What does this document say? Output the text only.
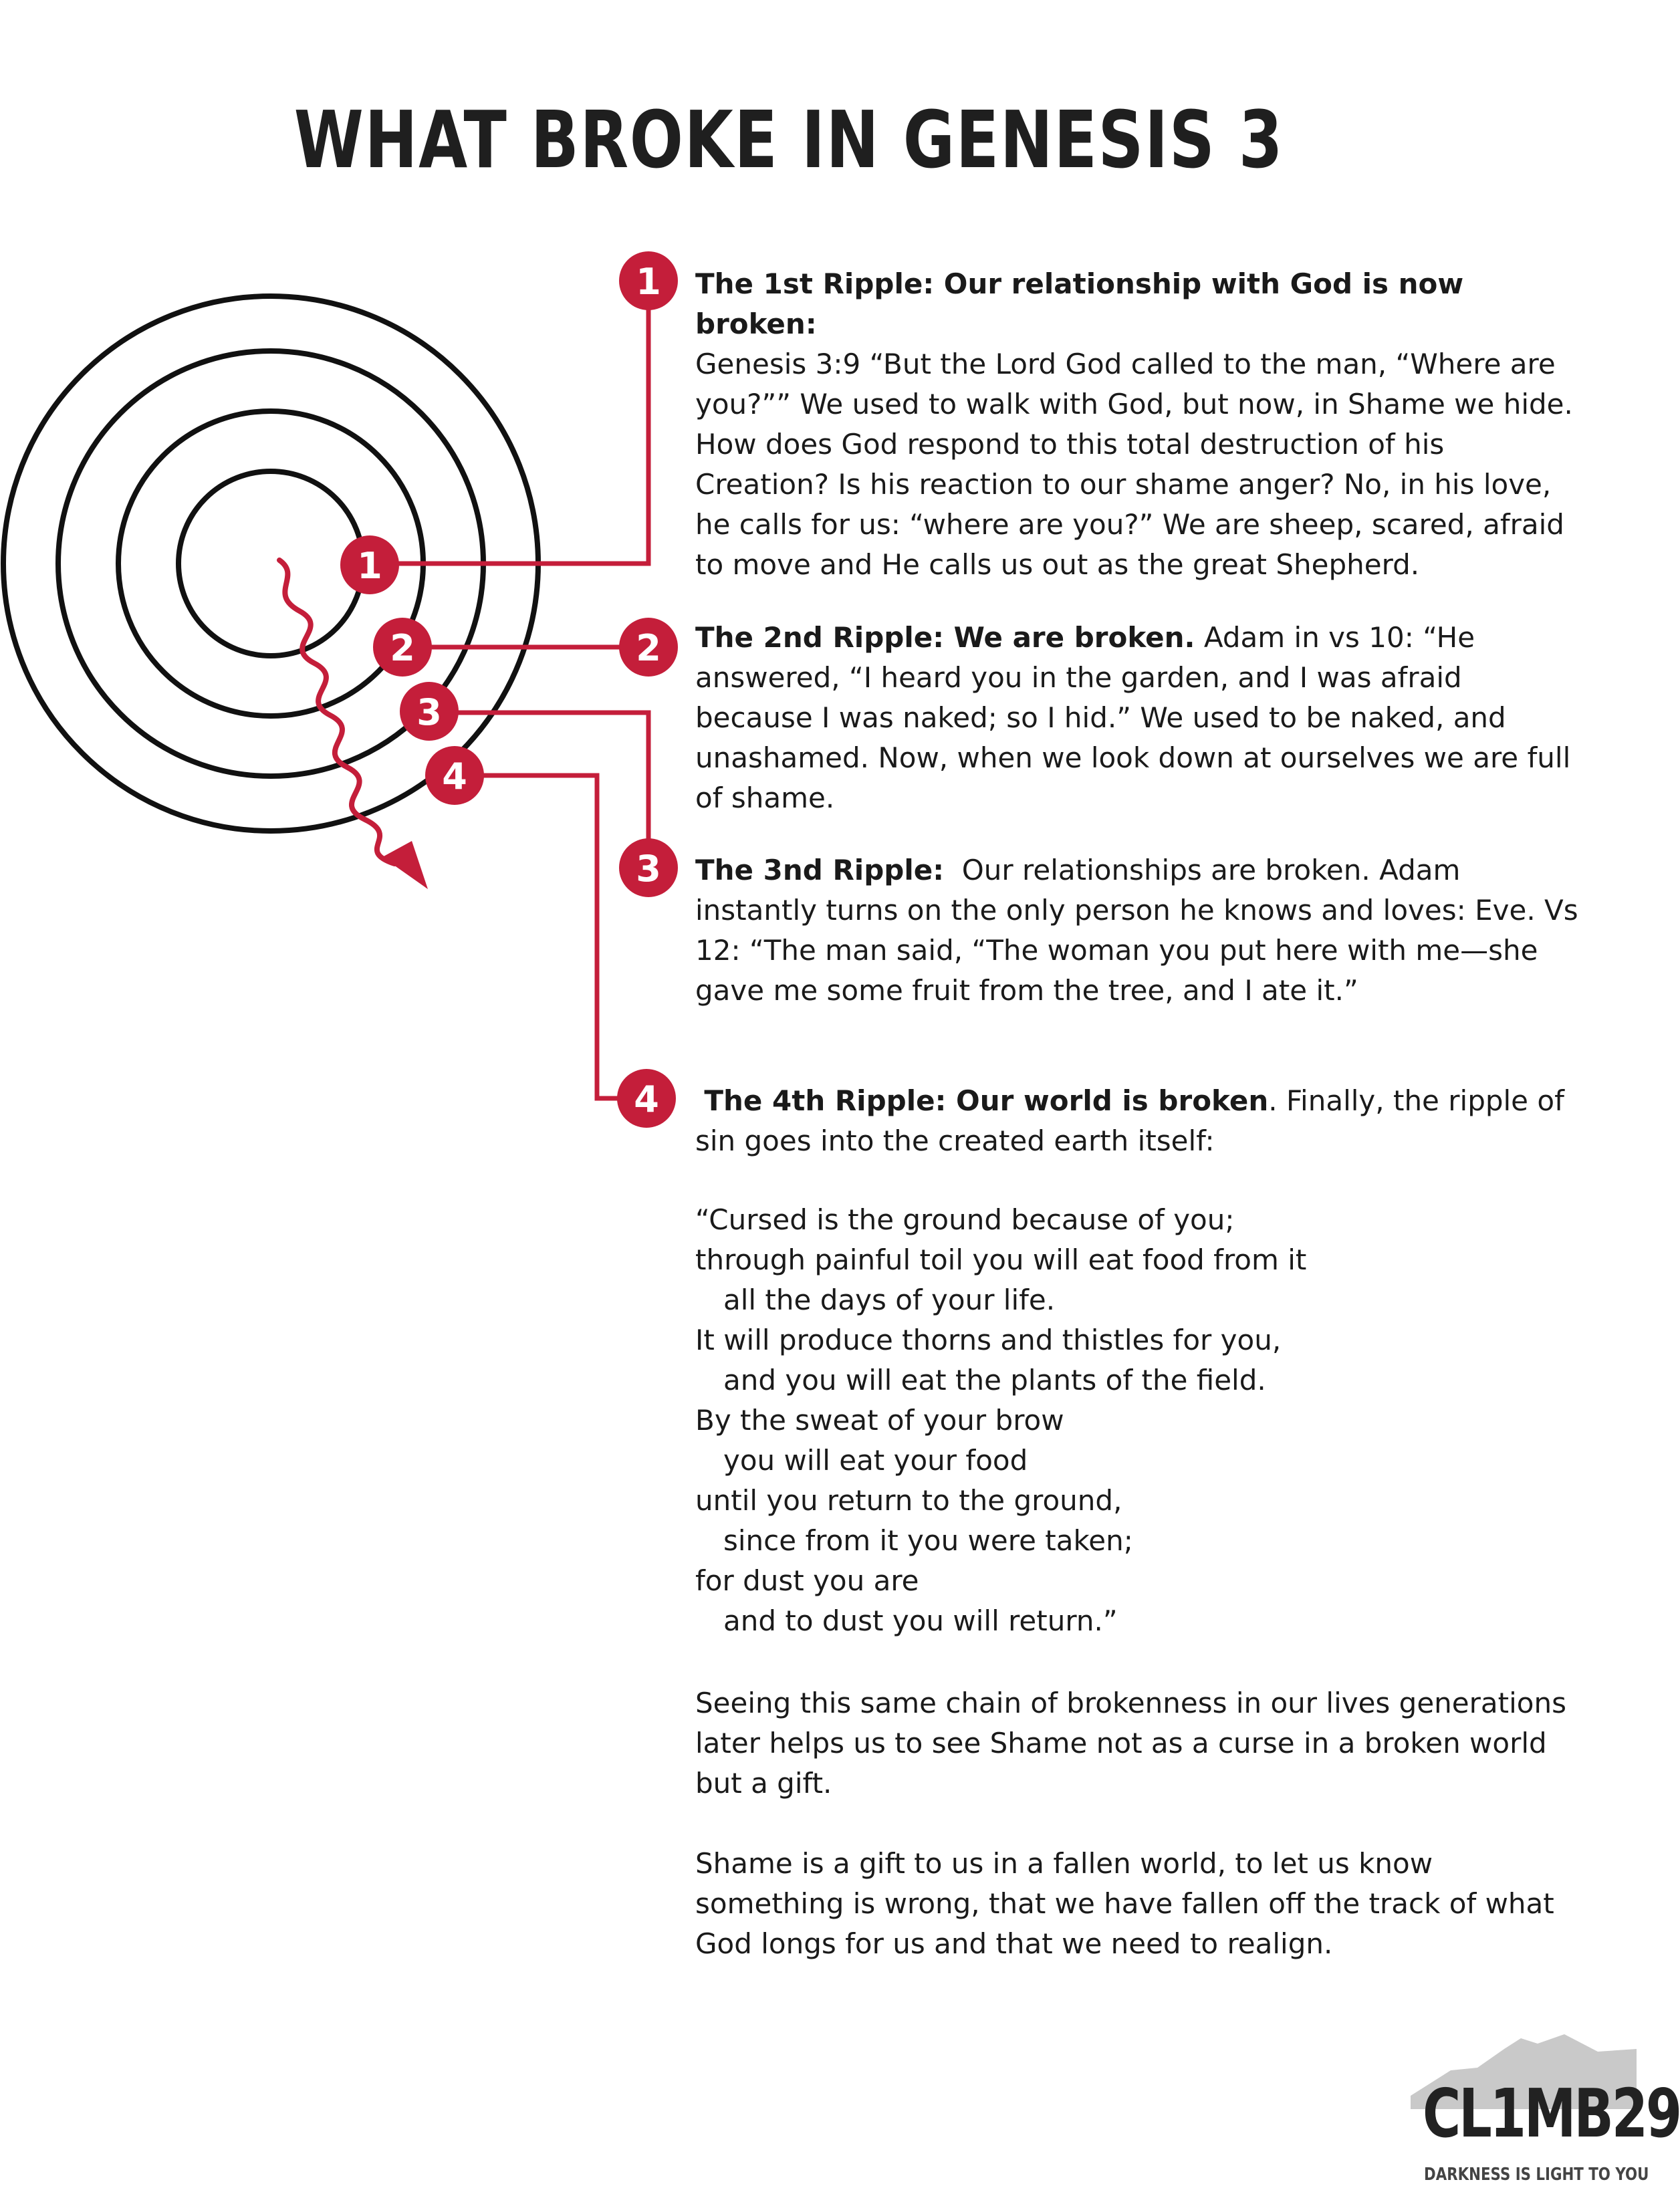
WHAT BROKE IN GENESIS 3
1
2
3
4
1
2
3
4
The 1st Ripple: Our relationship with God is now broken:
Genesis 3:9 “But the Lord God called to the man, “Where are you?”” We used to walk with God, but now, in Shame we hide. How does God respond to this total destruction of his Creation? Is his reaction to our shame anger? No, in his love, he calls for us: “where are you?” We are sheep, scared, afraid to move and He calls us out as the great Shepherd.
The 2nd Ripple: We are broken. Adam in vs 10: “He answered, “I heard you in the garden, and I was afraid because I was naked; so I hid.” We used to be naked, and unashamed. Now, when we look down at ourselves we are full of shame.
The 3nd Ripple: Our relationships are broken. Adam instantly turns on the only person he knows and loves: Eve. Vs 12: “The man said, “The woman you put here with me—she gave me some fruit from the tree, and I ate it.”
The 4th Ripple: Our world is broken. Finally, the ripple of sin goes into the created earth itself:
“Cursed is the ground because of you;
through painful toil you will eat food from it
all the days of your life.
It will produce thorns and thistles for you,
and you will eat the plants of the field.
By the sweat of your brow
you will eat your food
until you return to the ground,
since from it you were taken;
for dust you are
and to dust you will return.”
Seeing this same chain of brokenness in our lives generations later helps us to see Shame not as a curse in a broken world but a gift.
Shame is a gift to us in a fallen world, to let us know something is wrong, that we have fallen off the track of what God longs for us and that we need to realign.
CL1MB29
DARKNESS IS LIGHT TO YOU
